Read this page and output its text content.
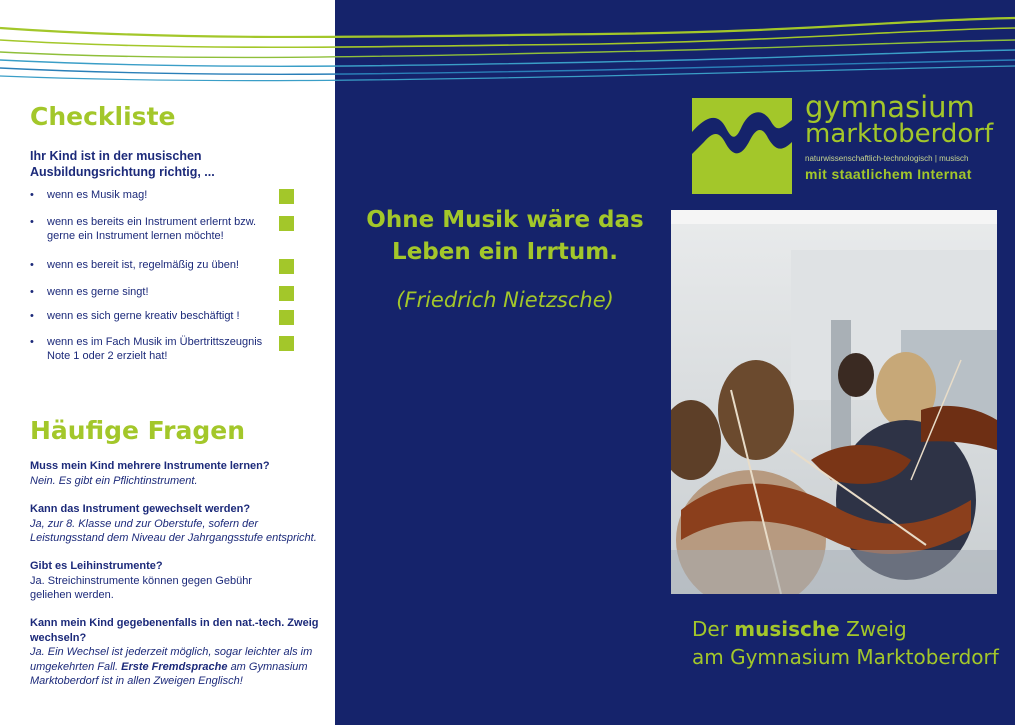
Checkliste
Ihr Kind ist in der musischen Ausbildungsrichtung richtig, ...
• wenn es Musik mag!
• wenn es bereits ein Instrument erlernt bzw. gerne ein Instrument lernen möchte!
• wenn es bereit ist, regelmäßig zu üben!
• wenn es gerne singt!
• wenn es sich gerne kreativ beschäftigt !
• wenn es im Fach Musik im Übertrittszeugnis Note 1 oder 2 erzielt hat!
Häufige Fragen
Muss mein Kind mehrere Instrumente lernen?
Nein. Es gibt ein Pflichtinstrument.
Kann das Instrument gewechselt werden?
Ja, zur 8. Klasse und zur Oberstufe, sofern der Leistungsstand dem Niveau der Jahrgangsstufe entspricht.
Gibt es Leihinstrumente?
Ja. Streichinstrumente können gegen Gebühr geliehen werden.
Kann mein Kind gegebenenfalls in den nat.-tech. Zweig wechseln?
Ja. Ein Wechsel ist jederzeit möglich, sogar leichter als im umgekehrten Fall. Erste Fremdsprache am Gymnasium Marktoberdorf ist in allen Zweigen Englisch!
Ohne Musik wäre das Leben ein Irrtum.
(Friedrich Nietzsche)
gymnasium
marktoberdorf
naturwissenschaftlich-technologisch | musisch
mit staatlichem Internat
Der musische Zweig
am Gymnasium Marktoberdorf
